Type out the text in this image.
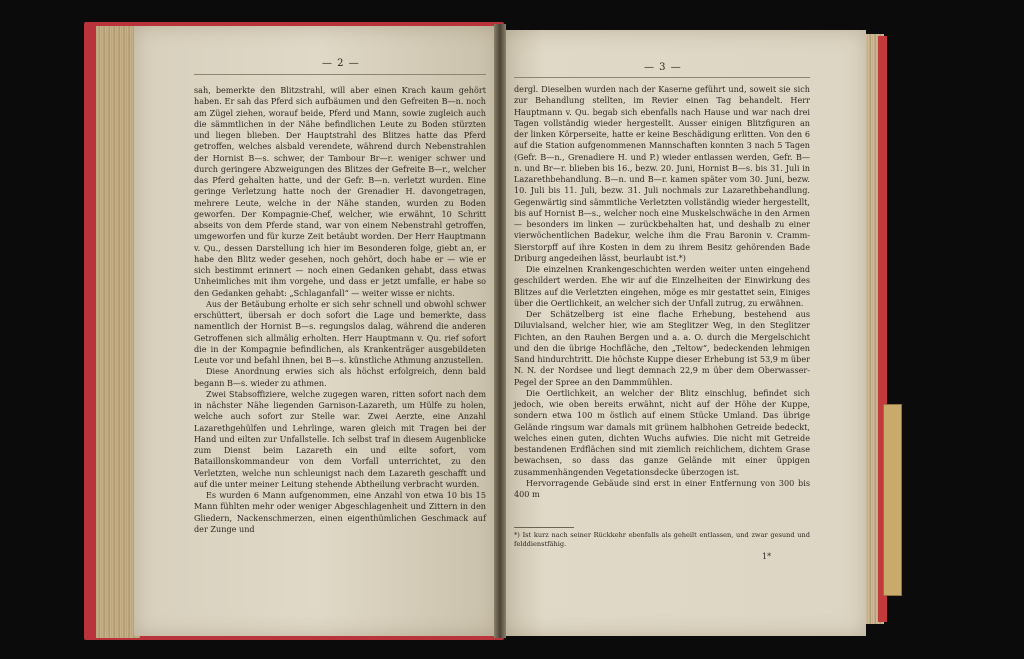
— 2 —

sah, bemerkte den Blitzstrahl, will aber einen Krach kaum gehört haben. Er sah das Pferd sich aufbäumen und den Gefreiten B—n. noch am Zügel ziehen, worauf beide, Pferd und Mann, sowie zugleich auch die sämmtlichen in der Nähe befindlichen Leute zu Boden stürzten und liegen blieben. Der Hauptstrahl des Blitzes hatte das Pferd getroffen, welches alsbald verendete, während durch Nebenstrahlen der Hornist B—s. schwer, der Tambour Br—r. weniger schwer und durch geringere Abzweigungen des Blitzes der Gefreite B—r., welcher das Pferd gehalten hatte, und der Gefr. B—n. verletzt wurden. Eine geringe Verletzung hatte noch der Grenadier H. davongetragen, mehrere Leute, welche in der Nähe standen, wurden zu Boden geworfen. Der Kompagnie-Chef, welcher, wie erwähnt, 10 Schritt abseits von dem Pferde stand, war von einem Nebenstrahl getroffen, umgeworfen und für kurze Zeit betäubt worden. Der Herr Hauptmann v. Qu., dessen Darstellung ich hier im Besonderen folge, giebt an, er habe den Blitz weder gesehen, noch gehört, doch habe er — wie er sich bestimmt erinnert — noch einen Gedanken gehabt, dass etwas Unheimliches mit ihm vorgehe, und dass er jetzt umfalle, er habe so den Gedanken gehabt: „Schlaganfall“ — weiter wisse er nichts.

Aus der Betäubung erholte er sich sehr schnell und obwohl schwer erschüttert, übersah er doch sofort die Lage und bemerkte, dass namentlich der Hornist B—s. regungslos dalag, während die anderen Getroffenen sich allmälig erholten. Herr Hauptmann v. Qu. rief sofort die in der Kompagnie befindlichen, als Krankenträger ausgebildeten Leute vor und befahl ihnen, bei B—s. künstliche Athmung anzustellen.

Diese Anordnung erwies sich als höchst erfolgreich, denn bald begann B—s. wieder zu athmen.

Zwei Stabsoffiziere, welche zugegen waren, ritten sofort nach dem in nächster Nähe liegenden Garnison-Lazareth, um Hülfe zu holen, welche auch sofort zur Stelle war. Zwei Aerzte, eine Anzahl Lazarethgehülfen und Lehrlinge, waren gleich mit Tragen bei der Hand und eilten zur Unfallstelle. Ich selbst traf in diesem Augenblicke zum Dienst beim Lazareth ein und eilte sofort, vom Bataillonskommandeur von dem Vorfall unterrichtet, zu den Verletzten, welche nun schleunigst nach dem Lazareth geschafft und auf die unter meiner Leitung stehende Abtheilung verbracht wurden.

Es wurden 6 Mann aufgenommen, eine Anzahl von etwa 10 bis 15 Mann fühlten mehr oder weniger Abgeschlagenheit und Zittern in den Gliedern, Nackenschmerzen, einen eigenthümlichen Geschmack auf der Zunge und

— 3 —

dergl. Dieselben wurden nach der Kaserne geführt und, soweit sie sich zur Behandlung stellten, im Revier einen Tag behandelt. Herr Hauptmann v. Qu. begab sich ebenfalls nach Hause und war nach drei Tagen vollständig wieder hergestellt. Ausser einigen Blitzfiguren an der linken Körperseite, hatte er keine Beschädigung erlitten. Von den 6 auf die Station aufgenommenen Mannschaften konnten 3 nach 5 Tagen (Gefr. B—n., Grenadiere H. und P.) wieder entlassen werden, Gefr. B—n. und Br—r. blieben bis 16., bezw. 20. Juni, Hornist B—s. bis 31. Juli in Lazarethbehandlung. B—n. und B—r. kamen später vom 30. Juni, bezw. 10. Juli bis 11. Juli, bezw. 31. Juli nochmals zur Lazarethbehandlung. Gegenwärtig sind sämmtliche Verletzten vollständig wieder hergestellt, bis auf Hornist B—s., welcher noch eine Muskelschwäche in den Armen — besonders im linken — zurückbehalten hat, und deshalb zu einer vierwöchentlichen Badekur, welche ihm die Frau Baronin v. Cramm-Sierstorpff auf ihre Kosten in dem zu ihrem Besitz gehörenden Bade Driburg angedeihen lässt, beurlaubt ist.*)

Die einzelnen Krankengeschichten werden weiter unten eingehend geschildert werden. Ehe wir auf die Einzelheiten der Einwirkung des Blitzes auf die Verletzten eingehen, möge es mir gestattet sein, Einiges über die Oertlichkeit, an welcher sich der Unfall zutrug, zu erwähnen.

Der Schätzelberg ist eine flache Erhebung, bestehend aus Diluvialsand, welcher hier, wie am Steglitzer Weg, in den Steglitzer Fichten, an den Rauhen Bergen und a. a. O. durch die Mergelschicht und den die übrige Hochfläche, den „Teltow“, bedeckenden lehmigen Sand hindurchtritt. Die höchste Kuppe dieser Erhebung ist 53,9 m über N. N. der Nordsee und liegt demnach 22,9 m über dem Oberwasser-Pegel der Spree an den Dammmühlen.

Die Oertlichkeit, an welcher der Blitz einschlug, befindet sich jedoch, wie oben bereits erwähnt, nicht auf der Höhe der Kuppe, sondern etwa 100 m östlich auf einem Stücke Umland. Das übrige Gelände ringsum war damals mit grünem halbhohen Getreide bedeckt, welches einen guten, dichten Wuchs aufwies. Die nicht mit Getreide bestandenen Erdflächen sind mit ziemlich reichlichem, dichtem Grase bewachsen, so dass das ganze Gelände mit einer üppigen zusammenhängenden Vegetationsdecke überzogen ist.

Hervorragende Gebäude sind erst in einer Entfernung von 300 bis 400 m

*) Ist kurz nach seiner Rückkehr ebenfalls als geheilt entlassen, und zwar gesund und felddienstfähig.
1*
